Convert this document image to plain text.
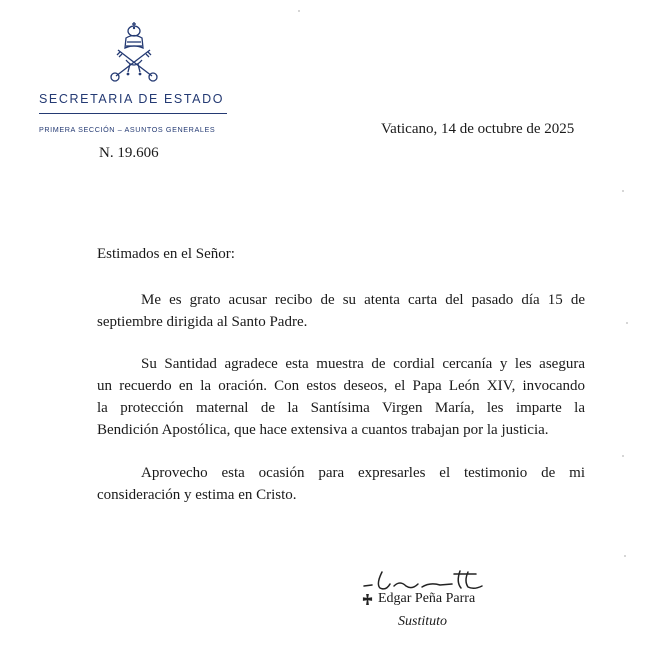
SECRETARIA DE ESTADO
PRIMERA SECCIÓN – ASUNTOS GENERALES	Vaticano, 14 de octubre de 2025
N. 19.606
Estimados en el Señor:

Me es grato acusar recibo de su atenta carta del pasado día 15 de
septiembre dirigida al Santo Padre.

Su Santidad agradece esta muestra de cordial cercanía y les asegura
un recuerdo en la oración. Con estos deseos, el Papa León XIV, invocando
la protección maternal de la Santísima Virgen María, les imparte la
Bendición Apostólica, que hace extensiva a cuantos trabajan por la justicia.

Aprovecho esta ocasión para expresarles el testimonio de mi
consideración y estima en Cristo.

Edgar Peña Parra
Sustituto
